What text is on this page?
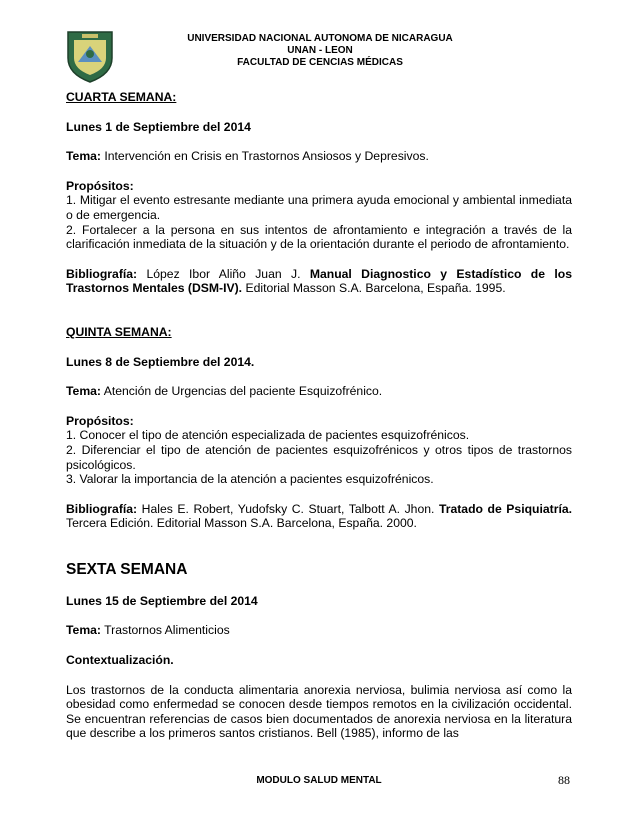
UNIVERSIDAD NACIONAL AUTONOMA DE NICARAGUA
UNAN - LEON
FACULTAD DE CENCIAS MÉDICAS

CUARTA SEMANA:

Lunes 1 de Septiembre del 2014

Tema: Intervención en Crisis en Trastornos Ansiosos y Depresivos.

Propósitos:

1. Mitigar el evento estresante mediante una primera ayuda emocional y ambiental inmediata o de emergencia.

2. Fortalecer a la persona en sus intentos de afrontamiento e integración a través de la clarificación inmediata de la situación y de la orientación durante el periodo de afrontamiento.

Bibliografía: López Ibor Aliño Juan J. Manual Diagnostico y Estadístico de los Trastornos Mentales (DSM-IV). Editorial Masson S.A. Barcelona, España. 1995.

QUINTA SEMANA:

Lunes 8 de Septiembre del 2014.

Tema: Atención de Urgencias del paciente Esquizofrénico.

Propósitos:

1. Conocer el tipo de atención especializada de pacientes esquizofrénicos.

2. Diferenciar el tipo de atención de pacientes esquizofrénicos y otros tipos de trastornos psicológicos.

3. Valorar la importancia de la atención a pacientes esquizofrénicos.

Bibliografía: Hales E. Robert, Yudofsky C. Stuart, Talbott A. Jhon. Tratado de Psiquiatría. Tercera Edición. Editorial Masson S.A. Barcelona, España. 2000.

SEXTA SEMANA

Lunes 15 de Septiembre del 2014

Tema: Trastornos Alimenticios

Contextualización.

Los trastornos de la conducta alimentaria anorexia nerviosa, bulimia nerviosa así como la obesidad como enfermedad se conocen desde tiempos remotos en la civilización occidental. Se encuentran referencias de casos bien documentados de anorexia nerviosa en la literatura que describe a los primeros santos cristianos. Bell (1985), informo de las

MODULO SALUD MENTAL	88
